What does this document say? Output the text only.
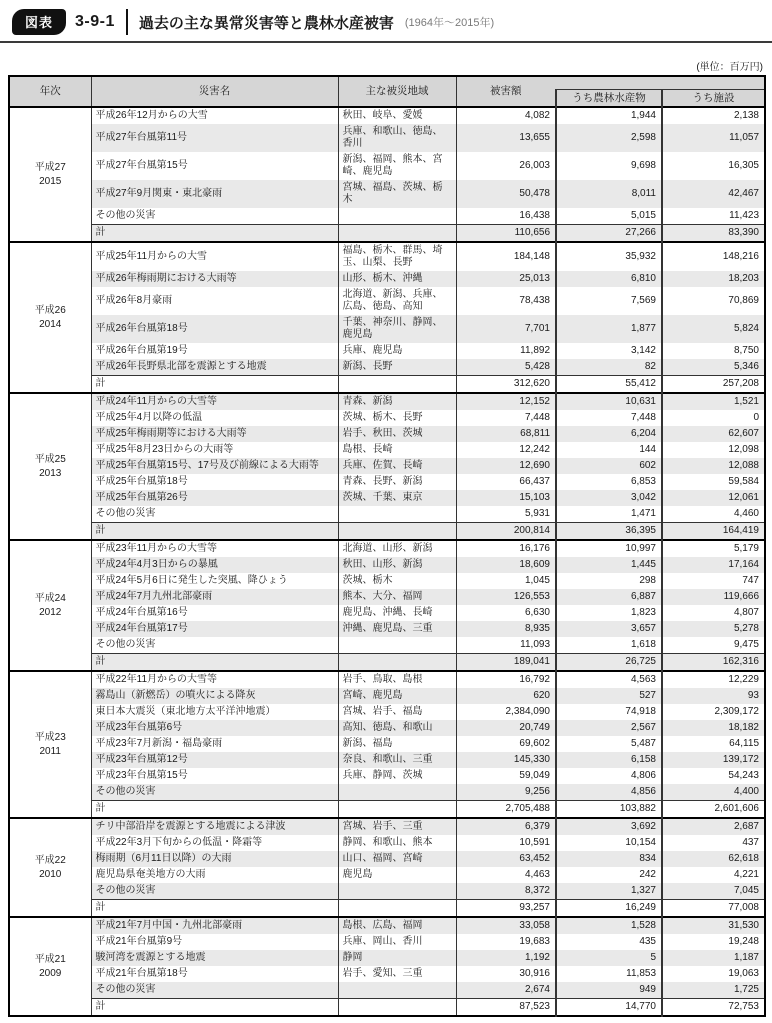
図表	3-9-1 過去の主な異常災害等と農林水産被害 (1964年～2015年)
(単位：百万円)
年次	災害名	主な被災地域	被害額		
				うち農林水産物	うち施設

平成27
2015	平成26年12月からの大雪	秋田、岐阜、愛媛	4,082	1,944	2,138
	平成27年台風第11号	兵庫、和歌山、徳島、香川	13,655	2,598	11,057
	平成27年台風第15号	新潟、福岡、熊本、宮崎、鹿児島	26,003	9,698	16,305
	平成27年9月関東・東北豪雨	宮城、福島、茨城、栃木	50,478	8,011	42,467
	その他の災害		16,438	5,015	11,423
	計		110,656	27,266	83,390

平成26
2014	平成25年11月からの大雪	福島、栃木、群馬、埼玉、山梨、長野	184,148	35,932	148,216
	平成26年梅雨期における大雨等	山形、栃木、沖縄	25,013	6,810	18,203
	平成26年8月豪雨	北海道、新潟、兵庫、広島、徳島、高知	78,438	7,569	70,869
	平成26年台風第18号	千葉、神奈川、静岡、鹿児島	7,701	1,877	5,824
	平成26年台風第19号	兵庫、鹿児島	11,892	3,142	8,750
	平成26年長野県北部を震源とする地震	新潟、長野	5,428	82	5,346
	計		312,620	55,412	257,208

平成25
2013	平成24年11月からの大雪等	青森、新潟	12,152	10,631	1,521
	平成25年4月以降の低温	茨城、栃木、長野	7,448	7,448	0
	平成25年梅雨期等における大雨等	岩手、秋田、茨城	68,811	6,204	62,607
	平成25年8月23日からの大雨等	島根、長崎	12,242	144	12,098
	平成25年台風第15号、17号及び前線による大雨等	兵庫、佐賀、長崎	12,690	602	12,088
	平成25年台風第18号	青森、長野、新潟	66,437	6,853	59,584
	平成25年台風第26号	茨城、千葉、東京	15,103	3,042	12,061
	その他の災害		5,931	1,471	4,460
	計		200,814	36,395	164,419

平成24
2012	平成23年11月からの大雪等	北海道、山形、新潟	16,176	10,997	5,179
	平成24年4月3日からの暴風	秋田、山形、新潟	18,609	1,445	17,164
	平成24年5月6日に発生した突風、降ひょう	茨城、栃木	1,045	298	747
	平成24年7月九州北部豪雨	熊本、大分、福岡	126,553	6,887	119,666
	平成24年台風第16号	鹿児島、沖縄、長崎	6,630	1,823	4,807
	平成24年台風第17号	沖縄、鹿児島、三重	8,935	3,657	5,278
	その他の災害		11,093	1,618	9,475
	計		189,041	26,725	162,316

平成23
2011	平成22年11月からの大雪等	岩手、鳥取、島根	16,792	4,563	12,229
	霧島山（新燃岳）の噴火による降灰	宮崎、鹿児島	620	527	93
	東日本大震災（東北地方太平洋沖地震）	宮城、岩手、福島	2,384,090	74,918	2,309,172
	平成23年台風第6号	高知、徳島、和歌山	20,749	2,567	18,182
	平成23年7月新潟・福島豪雨	新潟、福島	69,602	5,487	64,115
	平成23年台風第12号	奈良、和歌山、三重	145,330	6,158	139,172
	平成23年台風第15号	兵庫、静岡、茨城	59,049	4,806	54,243
	その他の災害		9,256	4,856	4,400
	計		2,705,488	103,882	2,601,606

平成22
2010	チリ中部沿岸を震源とする地震による津波	宮城、岩手、三重	6,379	3,692	2,687
	平成22年3月下旬からの低温・降霜等	静岡、和歌山、熊本	10,591	10,154	437
	梅雨期（6月11日以降）の大雨	山口、福岡、宮崎	63,452	834	62,618
	鹿児島県奄美地方の大雨	鹿児島	4,463	242	4,221
	その他の災害		8,372	1,327	7,045
	計		93,257	16,249	77,008

平成21
2009	平成21年7月中国・九州北部豪雨	島根、広島、福岡	33,058	1,528	31,530
	平成21年台風第9号	兵庫、岡山、香川	19,683	435	19,248
	駿河湾を震源とする地震	静岡	1,192	5	1,187
	平成21年台風第18号	岩手、愛知、三重	30,916	11,853	19,063
	その他の災害		2,674	949	1,725
	計		87,523	14,770	72,753
